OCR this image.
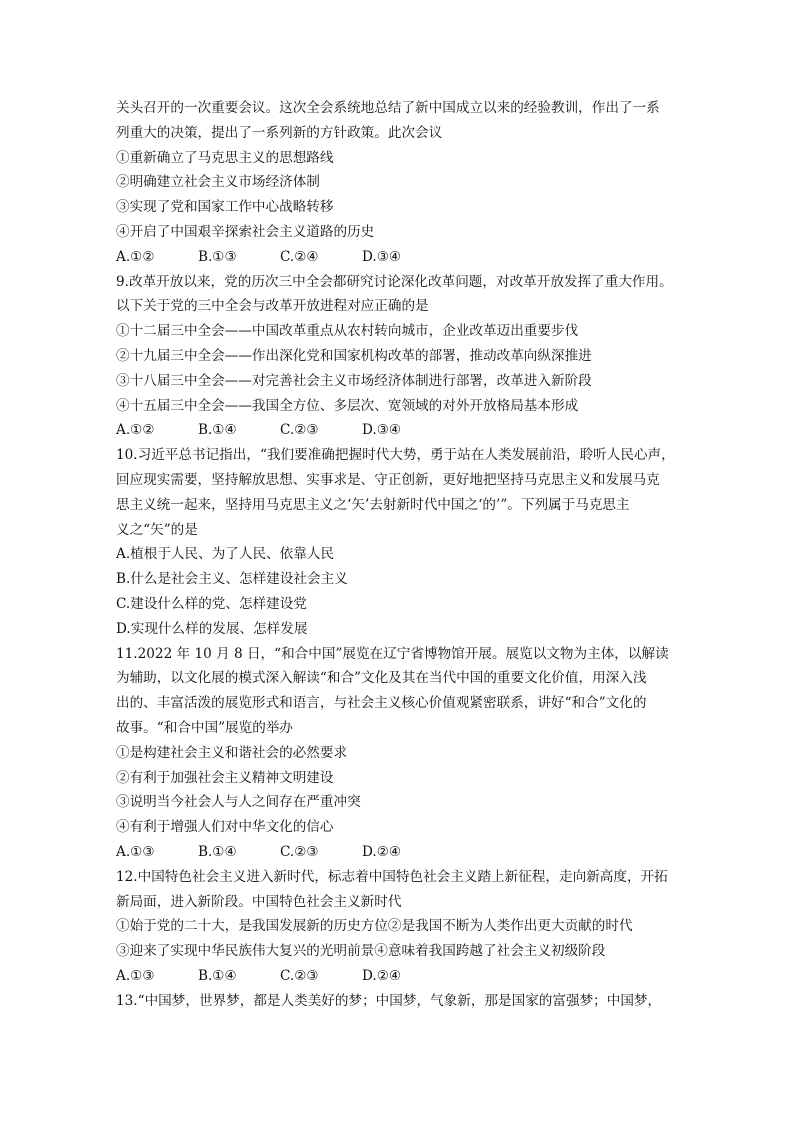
关头召开的一次重要会议。这次全会系统地总结了新中国成立以来的经验教训，作出了一系
列重大的决策，提出了一系列新的方针政策。此次会议
①重新确立了马克思主义的思想路线
②明确建立社会主义市场经济体制
③实现了党和国家工作中心战略转移
④开启了中国艰辛探索社会主义道路的历史
A.①②	B.①③	C.②④	D.③④
9.改革开放以来，党的历次三中全会都研究讨论深化改革问题，对改革开放发挥了重大作用。
以下关于党的三中全会与改革开放进程对应正确的是
①十二届三中全会——中国改革重点从农村转向城市，企业改革迈出重要步伐
②十九届三中全会——作出深化党和国家机构改革的部署，推动改革向纵深推进
③十八届三中全会——对完善社会主义市场经济体制进行部署，改革进入新阶段
④十五届三中全会——我国全方位、多层次、宽领域的对外开放格局基本形成
A.①②	B.①④	C.②③	D.③④
10.习近平总书记指出，“我们要准确把握时代大势，勇于站在人类发展前沿，聆听人民心声，
回应现实需要，坚持解放思想、实事求是、守正创新，更好地把坚持马克思主义和发展马克
思主义统一起来，坚持用马克思主义之‘矢’去射新时代中国之‘的’”。下列属于马克思主
义之“矢”的是
A.植根于人民、为了人民、依靠人民
B.什么是社会主义、怎样建设社会主义
C.建设什么样的党、怎样建设党
D.实现什么样的发展、怎样发展
11.2022 年 10 月 8 日，“和合中国”展览在辽宁省博物馆开展。展览以文物为主体，以解读
为辅助，以文化展的模式深入解读“和合”文化及其在当代中国的重要文化价值，用深入浅
出的、丰富活泼的展览形式和语言，与社会主义核心价值观紧密联系，讲好“和合”文化的
故事。“和合中国”展览的举办
①是构建社会主义和谐社会的必然要求
②有利于加强社会主义精神文明建设
③说明当今社会人与人之间存在严重冲突
④有利于增强人们对中华文化的信心
A.①③	B.①④	C.②③	D.②④
12.中国特色社会主义进入新时代，标志着中国特色社会主义踏上新征程，走向新高度，开拓
新局面，进入新阶段。中国特色社会主义新时代
①始于党的二十大，是我国发展新的历史方位②是我国不断为人类作出更大贡献的时代
③迎来了实现中华民族伟大复兴的光明前景④意味着我国跨越了社会主义初级阶段
A.①③	B.①④	C.②③	D.②④
13.“中国梦，世界梦，都是人类美好的梦；中国梦，气象新，那是国家的富强梦；中国梦，
